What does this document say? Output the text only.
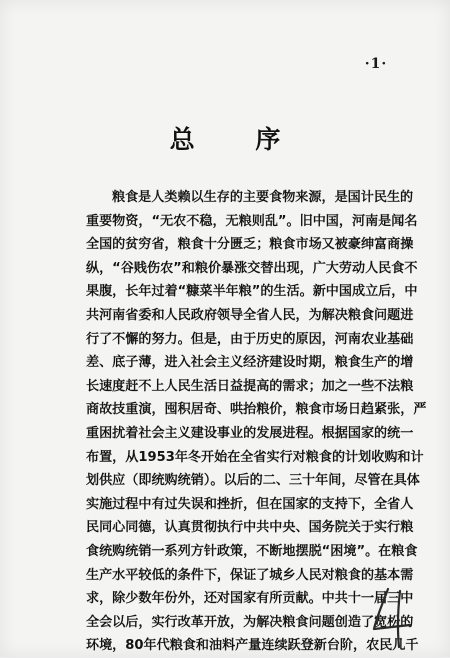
·1·
总 序
粮食是人类赖以生存的主要食物来源，是国计民生的
重要物资，“无农不稳，无粮则乱”。旧中国，河南是闻名
全国的贫穷省，粮食十分匮乏；粮食市场又被豪绅富商操
纵，“谷贱伤农”和粮价暴涨交替出现，广大劳动人民食不
果腹，长年过着“糠菜半年粮”的生活。新中国成立后，中
共河南省委和人民政府领导全省人民，为解决粮食问题进
行了不懈的努力。但是，由于历史的原因，河南农业基础
差、底子薄，进入社会主义经济建设时期，粮食生产的增
长速度赶不上人民生活日益提高的需求；加之一些不法粮
商故技重演，囤积居奇、哄抬粮价，粮食市场日趋紧张，严
重困扰着社会主义建设事业的发展进程。根据国家的统一
布置，从1953年冬开始在全省实行对粮食的计划收购和计
划供应（即统购统销）。以后的二、三十年间，尽管在具体
实施过程中有过失误和挫折，但在国家的支持下，全省人
民同心同德，认真贯彻执行中共中央、国务院关于实行粮
食统购统销一系列方针政策，不断地摆脱“困境”。在粮食
生产水平较低的条件下，保证了城乡人民对粮食的基本需
求，除少数年份外，还对国家有所贡献。中共十一届三中
全会以后，实行改革开放，为解决粮食问题创造了宽松的
环境，80年代粮食和油料产量连续跃登新台阶，农民几千
